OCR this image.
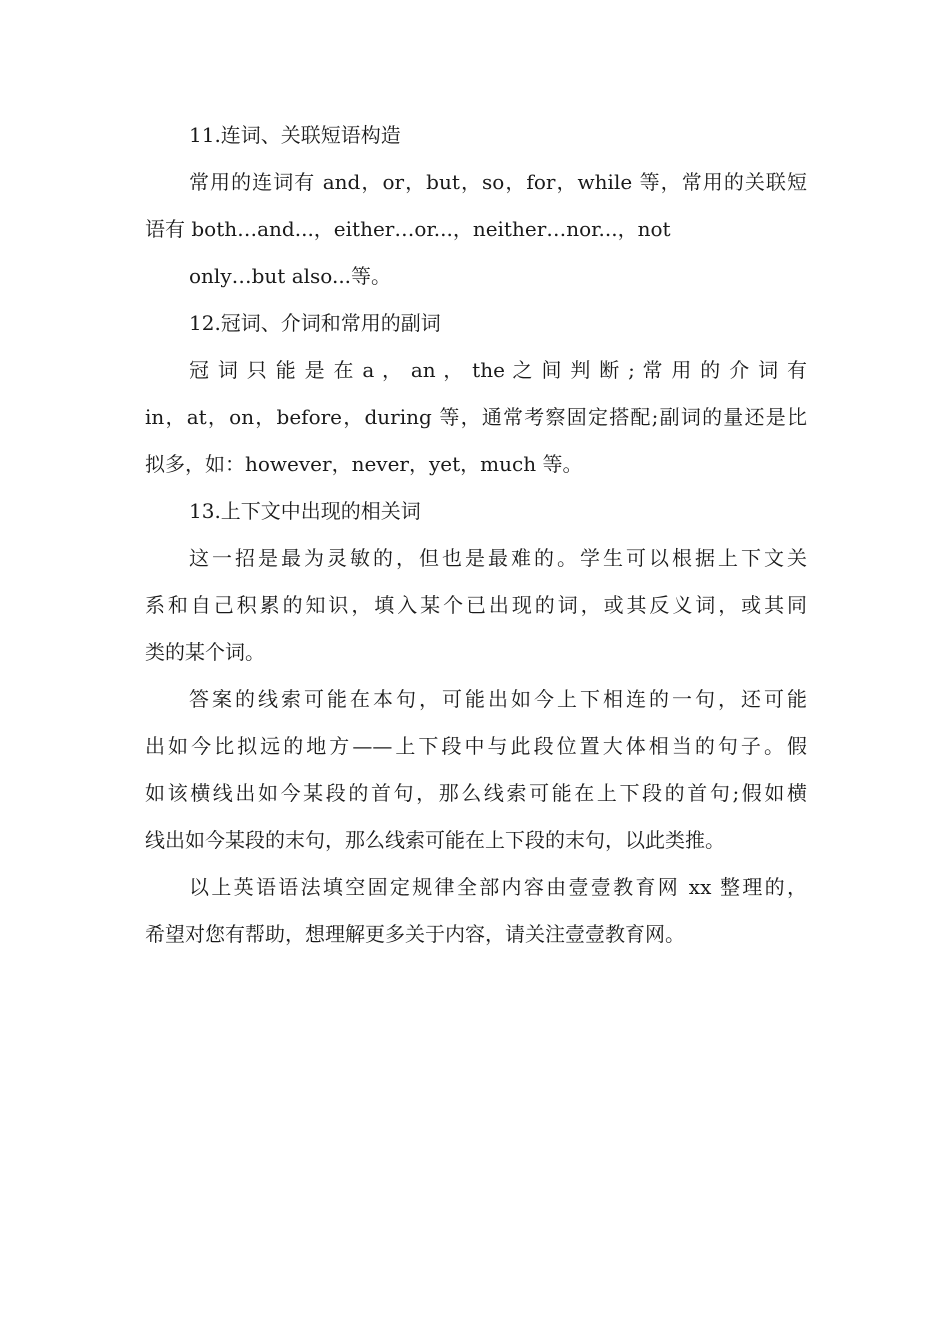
11.连词、关联短语构造
常用的连词有 and，or，but，so，for，while 等，常用的关联短
语有 both…and...，either…or...，neither…nor...，not
only…but also...等。
12.冠词、介词和常用的副词
冠 词 只 能 是 在 a ， an ， the 之 间 判 断 ; 常 用 的 介 词 有
in，at，on，before，during 等，通常考察固定搭配;副词的量还是比
拟多，如：however，never，yet，much 等。
13.上下文中出现的相关词
这一招是最为灵敏的，但也是最难的。学生可以根据上下文关
系和自己积累的知识，填入某个已出现的词，或其反义词，或其同
类的某个词。
答案的线索可能在本句，可能出如今上下相连的一句，还可能
出如今比拟远的地方——上下段中与此段位置大体相当的句子。假
如该横线出如今某段的首句，那么线索可能在上下段的首句;假如横
线出如今某段的末句，那么线索可能在上下段的末句，以此类推。
以上英语语法填空固定规律全部内容由壹壹教育网 xx 整理的，
希望对您有帮助，想理解更多关于内容，请关注壹壹教育网。
